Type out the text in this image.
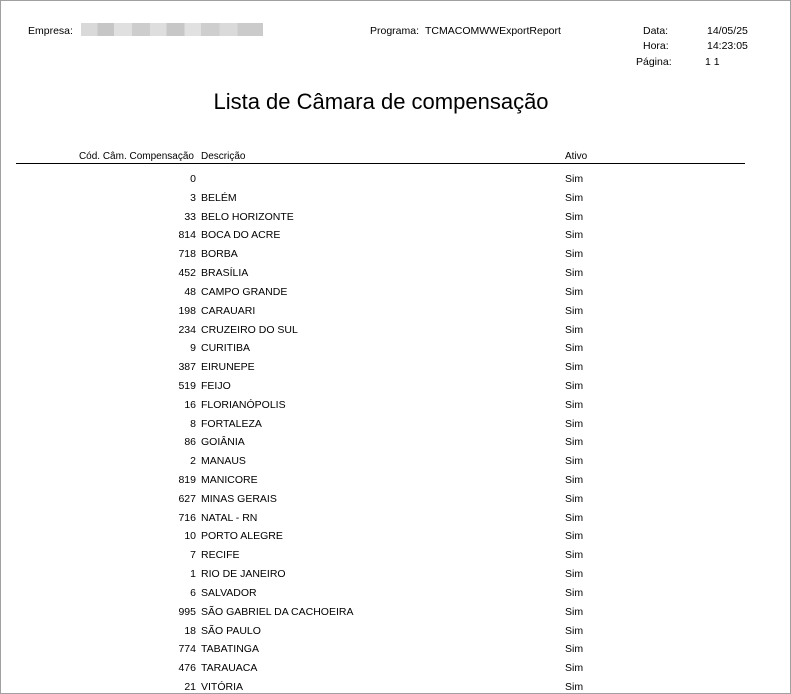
Empresa:	Programa: TCMACOMWWExportReport	Data:	14/05/25
Hora:	14:23:05
Página:	1 1
Lista de Câmara de compensação
Cód. Câm. Compensação Descrição	Ativo
0	Sim
3 BELÉM	Sim
33 BELO HORIZONTE	Sim
814 BOCA DO ACRE	Sim
718 BORBA	Sim
452 BRASÍLIA	Sim
48 CAMPO GRANDE	Sim
198 CARAUARI	Sim
234 CRUZEIRO DO SUL	Sim
9 CURITIBA	Sim
387 EIRUNEPE	Sim
519 FEIJO	Sim
16 FLORIANÓPOLIS	Sim
8 FORTALEZA	Sim
86 GOIÂNIA	Sim
2 MANAUS	Sim
819 MANICORE	Sim
627 MINAS GERAIS	Sim
716 NATAL - RN	Sim
10 PORTO ALEGRE	Sim
7 RECIFE	Sim
1 RIO DE JANEIRO	Sim
6 SALVADOR	Sim
995 SÃO GABRIEL DA CACHOEIRA	Sim
18 SÃO PAULO	Sim
774 TABATINGA	Sim
476 TARAUACA	Sim
21 VITÓRIA	Sim
